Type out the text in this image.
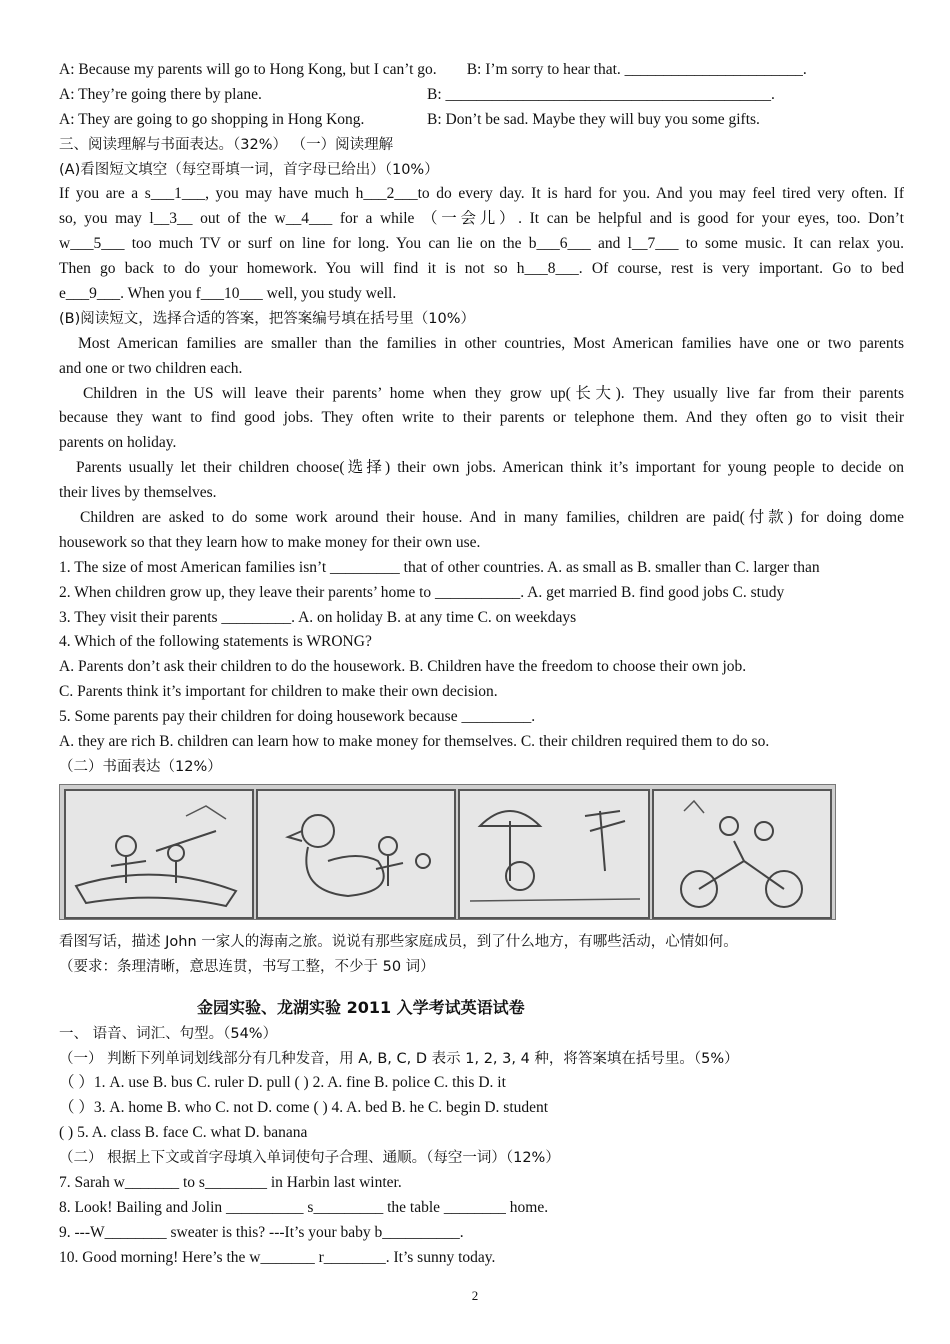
A: Because my parents will go to Hong Kong, but I can’t go. B: I’m sorry to hear that. _______________________.
A: They’re going there by plane.	B: __________________________________________.
A: They are going to go shopping in Hong Kong.	B: Don’t be sad. Maybe they will buy you some gifts.
三、阅读理解与书面表达。（32%） （一）阅读理解
(A)看图短文填空（每空哥填一词，首字母已给出）（10%）
If you are a s___1___, you may have much h___2___to do every day. It is hard for you. And you may feel tired very often. If
so, you may l__3__ out of the w__4___ for a while （一会儿）. It can be helpful and is good for your eyes, too. Don’t
w___5___ too much TV or surf on line for long. You can lie on the b___6___ and l__7___ to some music. It can relax you.
Then go back to do your homework. You will find it is not so h___8___. Of course, rest is very important. Go to bed
e___9___. When you f___10___ well, you study well.
(B)阅读短文，选择合适的答案，把答案编号填在括号里（10%）
Most American families are smaller than the families in other countries, Most American families have one or two parents
and one or two children each.
Children in the US will leave their parents’ home when they grow up(长大). They usually live far from their parents
because they want to find good jobs. They often write to their parents or telephone them. And they often go to visit their
parents on holiday.
Parents usually let their children choose(选择) their own jobs. American think it’s important for young people to decide on
their lives by themselves.
Children are asked to do some work around their house. And in many families, children are paid(付款) for doing dome
housework so that they learn how to make money for their own use.
1. The size of most American families isn’t _________ that of other countries. A. as small as B. smaller than C. larger than
2. When children grow up, they leave their parents’ home to ___________. A. get married B. find good jobs C. study
3. They visit their parents _________. A. on holiday B. at any time C. on weekdays
4. Which of the following statements is WRONG?
A. Parents don’t ask their children to do the housework. B. Children have the freedom to choose their own job.
C. Parents think it’s important for children to make their own decision.
5. Some parents pay their children for doing housework because _________.
A. they are rich B. children can learn how to make money for themselves. C. their children required them to do so.
（二）书面表达（12%）
看图写话，描述 John 一家人的海南之旅。说说有那些家庭成员，到了什么地方，有哪些活动，心情如何。
（要求：条理清晰，意思连贯，书写工整，不少于 50 词）
金园实验、龙湖实验 2011 入学考试英语试卷
一、 语音、词汇、句型。（54%）
（一） 判断下列单词划线部分有几种发音，用 A, B, C, D 表示 1, 2, 3, 4 种，将答案填在括号里。（5%）
（ ）1. A. use B. bus C. ruler D. pull ( ) 2. A. fine B. police C. this D. it
（ ）3. A. home B. who C. not D. come ( ) 4. A. bed B. he C. begin D. student
( ) 5. A. class B. face C. what D. banana
（二） 根据上下文或首字母填入单词使句子合理、通顺。（每空一词）（12%）
7. Sarah w_______ to s________ in Harbin last winter.
8. Look! Bailing and Jolin __________ s_________ the table ________ home.
9. ---W________ sweater is this? ---It’s your baby b__________.
10. Good morning! Here’s the w_______ r________. It’s sunny today.
2
